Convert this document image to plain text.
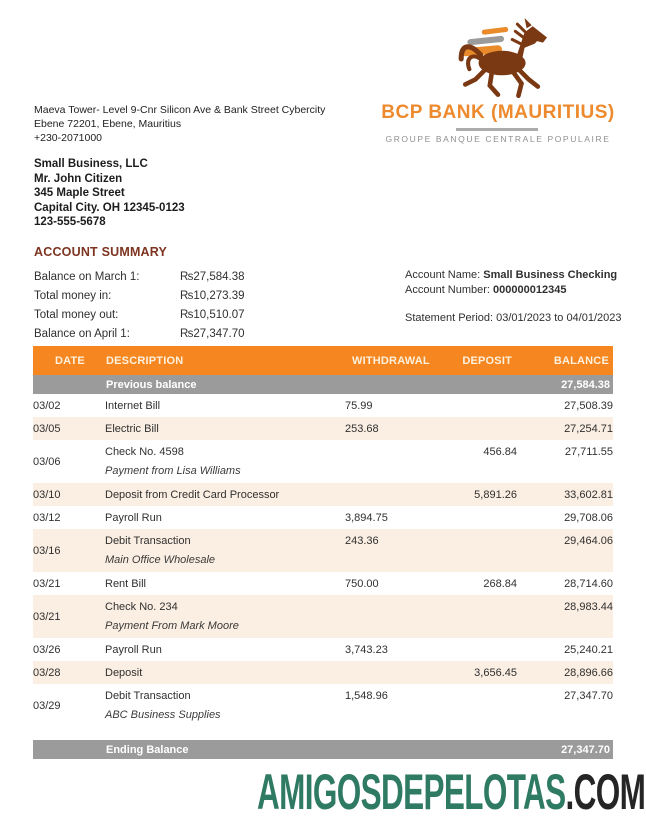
BCP BANK (MAURITIUS)
GROUPE BANQUE CENTRALE POPULAIRE
Maeva Tower- Level 9-Cnr Silicon Ave & Bank Street Cybercity
Ebene 72201, Ebene, Mauritius
+230-2071000
Small Business, LLC
Mr. John Citizen
345 Maple Street
Capital City. OH 12345-0123
123-555-5678
ACCOUNT SUMMARY
Balance on March 1:	₨27,584.38
Total money in:	₨10,273.39
Total money out:	₨10,510.07
Balance on April 1:	₨27,347.70
Account Name: Small Business Checking
Account Number: 000000012345
Statement Period: 03/01/2023 to 04/01/2023
DATE	DESCRIPTION	WITHDRAWAL	DEPOSIT	BALANCE
	Previous balance			27,584.38
03/02	Internet Bill	75.99		27,508.39
03/05	Electric Bill	253.68		27,254.71
03/06	Check No. 4598
Payment from Lisa Williams		456.84	27,711.55
03/10	Deposit from Credit Card Processor		5,891.26	33,602.81
03/12	Payroll Run	3,894.75		29,708.06
03/16	Debit Transaction
Main Office Wholesale	243.36		29,464.06
03/21	Rent Bill	750.00	268.84	28,714.60
03/21	Check No. 234
Payment From Mark Moore			28,983.44
03/26	Payroll Run	3,743.23		25,240.21
03/28	Deposit		3,656.45	28,896.66
03/29	Debit Transaction
ABC Business Supplies	1,548.96		27,347.70

	Ending Balance			27,347.70
AMIGOSDEPELOTAS.COM
